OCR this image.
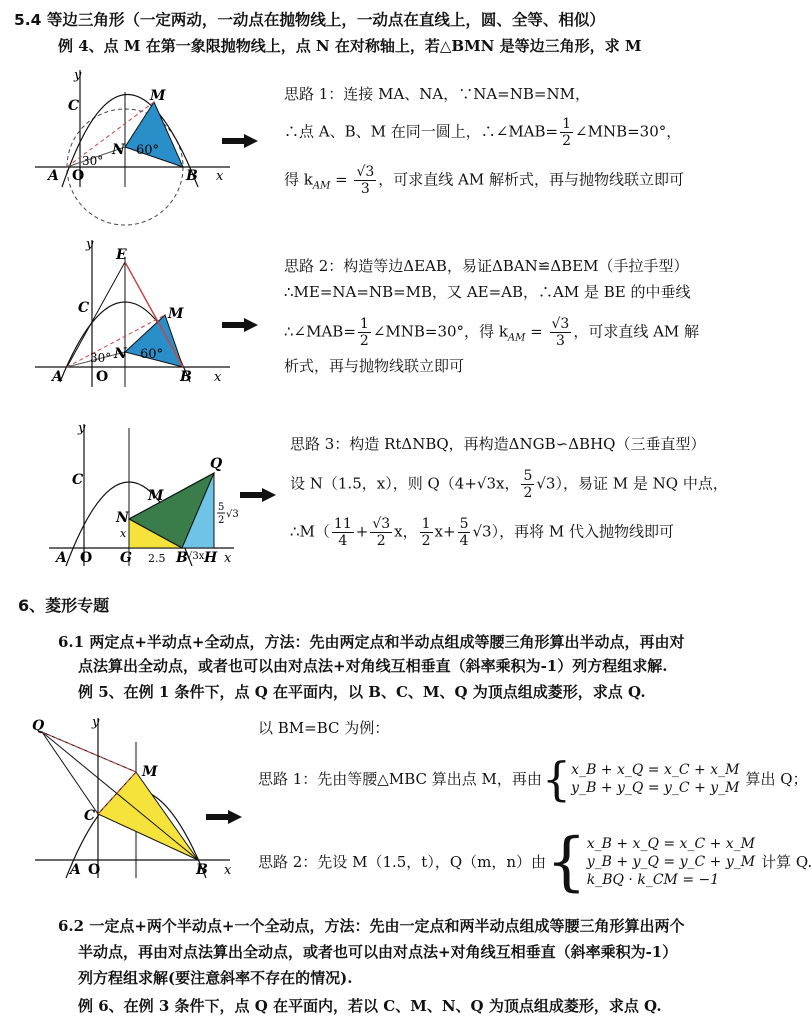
5.4 等边三角形（一定两动，一动点在抛物线上，一动点在直线上，圆、全等、相似）
例 4、点 M 在第一象限抛物线上，点 N 在对称轴上，若△BMN 是等边三角形，求 M
y
M
C
N 60°
30°
A O	B x
思路 1：连接 MA、NA，∵NA=NB=NM，
∴点 A、B、M 在同一圆上，∴∠MAB= $\frac{1}{2}$ ∠MNB=30°，
得 $k_{AM} = \frac{√3}{3}$ ，可求直线 AM 解析式，再与抛物线联立即可
y
E
C	M
N 60°
30°
A O	B x
思路 2：构造等边ΔEAB，易证ΔBAN≌ΔBEM（手拉手型）
∴ME=NA=NB=MB，又 AE=AB，∴AM 是 BE 的中垂线
∴∠MAB= $\frac{1}{2}$ ∠MNB=30°，得 $k_{AM} = \frac{√3}{3}$ ，可求直线 AM 解
析式，再与抛物线联立即可
y
Q
C
M
N
x
A O G 2.5 B
√3x H x
5
2
√3
思路 3：构造 RtΔNBQ，再构造ΔNGB∽ΔBHQ（三垂直型）
设 N（1.5，x），则 Q（4+√3x， $\frac{5}{2} √3$），易证 M 是 NQ 中点，
∴M（ $\frac{11}{4} + \frac{√3}{2}$ x， $\frac{1}{2} x+ \frac{5}{4} √3$），再将 M 代入抛物线即可
6、菱形专题
6.1 两定点+半动点+全动点，方法：先由两定点和半动点组成等腰三角形算出半动点，再由对
点法算出全动点，或者也可以由对点法+对角线互相垂直（斜率乘积为-1）列方程组求解.
例 5、在例 1 条件下，点 Q 在平面内，以 B、C、M、Q 为顶点组成菱形，求点 Q.
Q	y
M
C
A O	B x
以 BM=BC 为例：
思路 1：先由等腰△MBC 算出点 M，再由{ x_B + x_Q = x_C + x_M
y_B + y_Q = y_C + y_M 算出 Q；
思路 2：先设 M（1.5，t），Q（m，n）由{ x_B + x_Q = x_C + x_M
y_B + y_Q = y_C + y_M
k_BQ · k_CM = −1
计算 Q.
6.2 一定点+两个半动点+一个全动点，方法：先由一定点和两半动点组成等腰三角形算出两个
半动点，再由对点法算出全动点，或者也可以由对点法+对角线互相垂直（斜率乘积为-1）
列方程组求解(要注意斜率不存在的情况).
例 6、在例 3 条件下，点 Q 在平面内，若以 C、M、N、Q 为顶点组成菱形，求点 Q.
